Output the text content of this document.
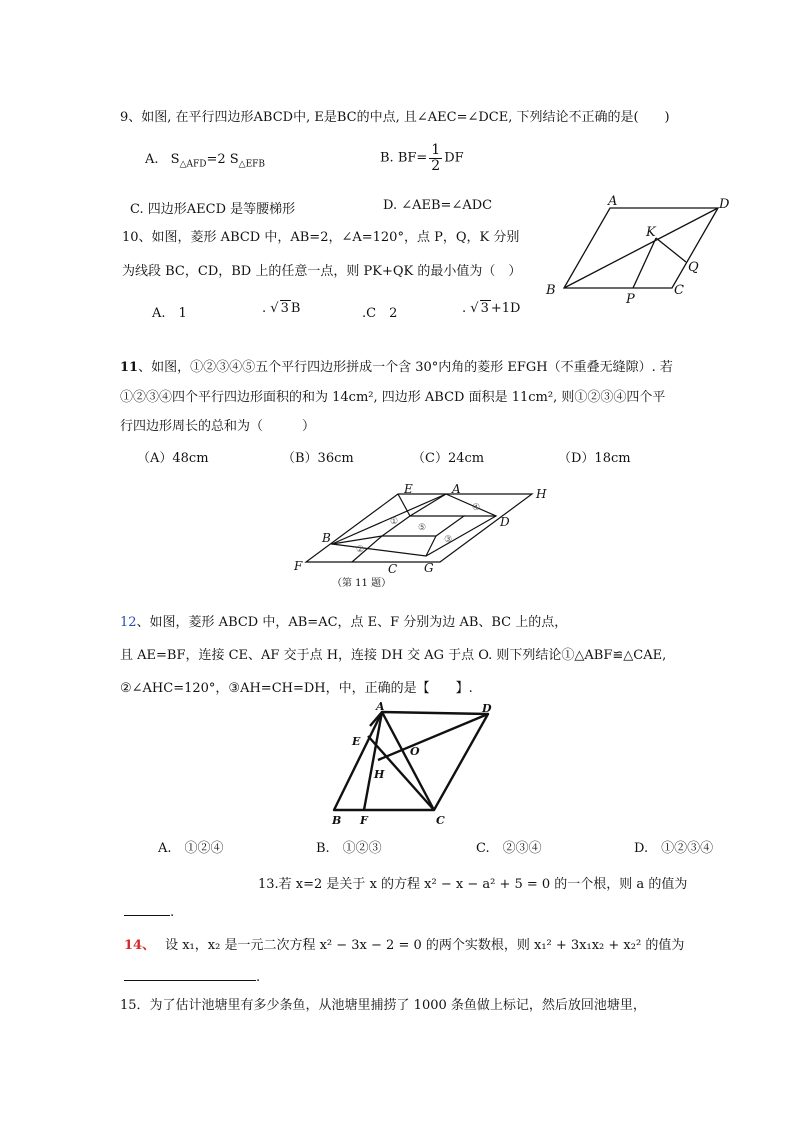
9、如图, 在平行四边形ABCD中, E是BC的中点, 且∠AEC=∠DCE, 下列结论不正确的是(　　)
A. $S_{\triangle AFD}=2$ $S_{\triangle EFB}$	B. $BF= \frac{1}{2}$ DF
C. 四边形AECD 是等腰梯形	D. ∠AEB=∠ADC
10、如图，菱形 ABCD 中，AB=2，∠A=120°，点 P，Q，K 分别
为线段 BC，CD，BD 上的任意一点，则 PK+QK 的最小值为（　）
A.　1	. √ 3 B	.C　2	. √ 3 +1D
A	D
B	C
K
P
Q
11、如图，①②③④⑤五个平行四边形拼成一个含 30°内角的菱形 EFGH（不重叠无缝隙）. 若
①②③④四个平行四边形面积的和为 14cm², 四边形 ABCD 面积是 11cm², 则①②③④四个平
行四边形周长的总和为（　　　）
（A）48cm	（B）36cm	（C）24cm	（D）18cm
①
②
③
④
⑤
E	A	H
D
B
F	C G
（第 11 题）
12、如图，菱形 ABCD 中，AB=AC，点 E、F 分别为边 AB、BC 上的点，
且 AE=BF，连接 CE、AF 交于点 H，连接 DH 交 AG 于点 O. 则下列结论①△ABF≌△CAE,
②∠AHC=120°，③AH=CH=DH，中，正确的是【　　】.
A	D
E
O
H
B F	C
A.　①②④	B.　①②③	C.　②③④	D.　①②③④
13.若 x=2 是关于 x 的方程 x² − x − a² + 5 = 0 的一个根，则 a 的值为
.
14、 设 x₁，x₂ 是一元二次方程 x² − 3x − 2 = 0 的两个实数根，则 x₁² + 3x₁x₂ + x₂² 的值为
.
15．为了估计池塘里有多少条鱼，从池塘里捕捞了 1000 条鱼做上标记，然后放回池塘里，
